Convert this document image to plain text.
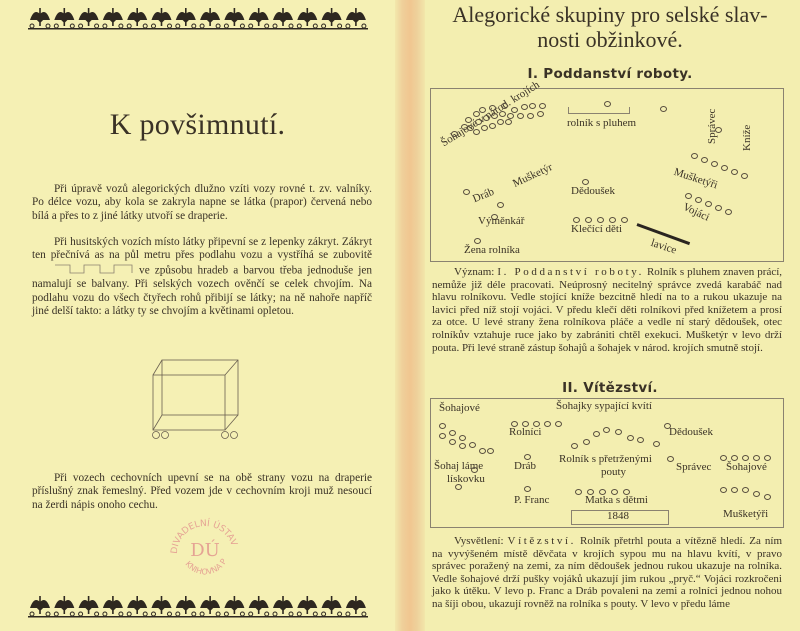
K povšimnutí.
Při úpravě vozů alegorických dlužno vzíti vozy rovné t. zv. valníky. Po délce vozu, aby kola se zakryla napne se látka (prapor) červená nebo bílá a přes to z jiné látky utvoří se draperie.
Při husitských vozích místo látky připevní se z lepenky zákryt. Zákryt ten přečnívá as na půl metru přes podlahu vozu a vystříhá se zubovitě  ve způsobu hradeb a barvou třeba jednoduše jen namalují se balvany. Při selských vozech ověnčí se celek chvojím. Na podlahu vozu do všech čtyřech rohů přibijí se látky; na ně nahoře napříč jiné delší takto: a látky ty se chvojím a květinami opletou.
Při vozech cechovních upevní se na obě strany vozu na draperie příslušný znak řemeslný. Před vozem jde v cechovním kroji muž nesoucí na žerdi nápis onoho cechu.
DIVADELNÍ ÚSTAV
KNIHOVNA P
DÚ
Alegorické skupiny pro selské slav-
nosti obžinkové.
I. Poddanství roboty.
Šohajové v národ. krojích rolník s pluhem	Správec Kníže
Dráb
Mušketýr
Dědoušek	Mušketýři
Výměnkář
Klečící děti
Vojáci
lavice
Žena rolníka
Význam: I. Poddanství roboty. Rolník s pluhem znaven prácí, nemůže již déle pracovati. Neúprosný necitelný správce zvedá karabáč nad hlavu rolníkovu. Vedle stojící kníže bezcitně hledí na to a rukou ukazuje na lavici před níž stojí vojáci. V předu klečí děti rolníkovi před knížetem a prosí za otce. U levé strany žena rolníkova pláče a vedle ní starý dědoušek, otec rolníkův vztahuje ruce jako by zabrániti chtěl exekuci. Mušketýr v levo drží pouta. Při levé straně zástup šohajů a šohajek v národ. krojích smutně stojí.
II. Vítězství.
Šohajové	Šohajky sypající kvítí
Rolníci	Dědoušek
Šohaj láme
lískovku
Dráb
Rolník s přetrženými
pouty	Správec Šohajové
P. Franc	Matka s dětmi
1848	Mušketýři
Vysvětlení: Vítězství. Rolník přetrhl pouta a vítězně hledí. Za ním na vyvýšeném místě děvčata v krojích sypou mu na hlavu kvítí, v pravo správec poražený na zemi, za ním dědoušek jednou rukou ukazuje na rolníka. Vedle šohajové drží pušky vojáků ukazují jim rukou „pryč.“ Vojáci rozkročeni jako k útěku. V levo p. Franc a Dráb povaleni na zemi a rolníci jednou nohou na šíji obou, ukazují rovněž na rolníka s pouty. V levo v předu láme
